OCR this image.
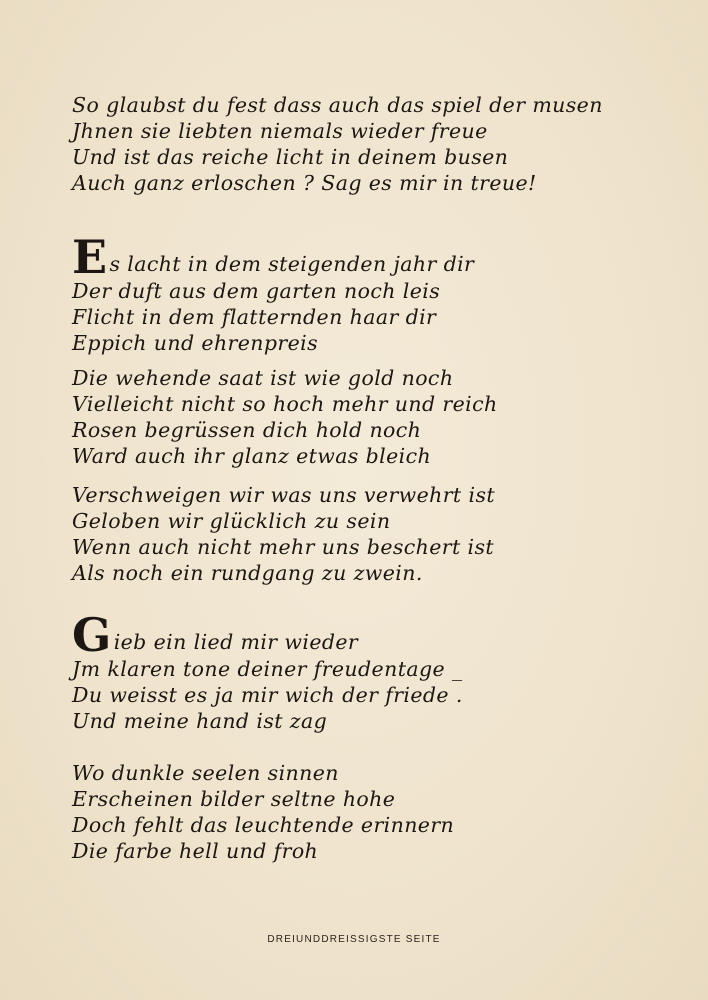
So glaubst du fest dass auch das spiel der musen
Jhnen sie liebten niemals wieder freue
Und ist das reiche licht in deinem busen
Auch ganz erloschen ? Sag es mir in treue!
Es lacht in dem steigenden jahr dir
Der duft aus dem garten noch leis
Flicht in dem flatternden haar dir
Eppich und ehrenpreis
Die wehende saat ist wie gold noch
Vielleicht nicht so hoch mehr und reich
Rosen begrüssen dich hold noch
Ward auch ihr glanz etwas bleich
Verschweigen wir was uns verwehrt ist
Geloben wir glücklich zu sein
Wenn auch nicht mehr uns beschert ist
Als noch ein rundgang zu zwein.
Gieb ein lied mir wieder
Jm klaren tone deiner freudentage _
Du weisst es ja mir wich der friede .
Und meine hand ist zag
Wo dunkle seelen sinnen
Erscheinen bilder seltne hohe
Doch fehlt das leuchtende erinnern
Die farbe hell und froh
DREIUNDDREISSIGSTE SEITE
